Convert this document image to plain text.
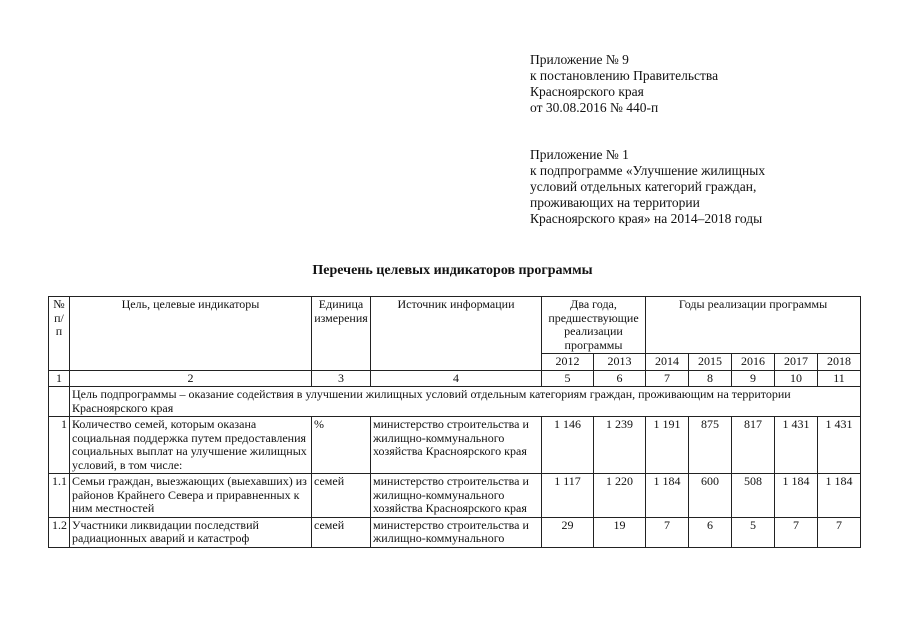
Приложение № 9
к постановлению Правительства
Красноярского края
от 30.08.2016 № 440-п
Приложение № 1
к подпрограмме «Улучшение жилищных
условий отдельных категорий граждан,
проживающих на территории
Красноярского края» на 2014–2018 годы
Перечень целевых индикаторов программы
№ п/п	Цель, целевые индикаторы	Единица измерения	Источник информации	Два года, предшествующие реализации программы		Годы реализации программы				
				2012	2013	2014	2015	2016	2017	2018
1	2	3	4	5	6	7	8	9	10	11
	Цель подпрограммы – оказание содействия в улучшении жилищных условий отдельным категориям граждан, проживающим на территории Красноярского края									
1	Количество семей, которым оказана социальная поддержка путем предоставления социальных выплат на улучшение жилищных условий, в том числе:	%	министерство строительства и жилищно-коммунального хозяйства Красноярского края	1 146	1 239	1 191	875	817	1 431	1 431
1.1	Семьи граждан, выезжающих (выехавших) из районов Крайнего Севера и приравненных к ним местностей	семей	министерство строительства и жилищно-коммунального хозяйства Красноярского края	1 117	1 220	1 184	600	508	1 184	1 184
1.2	Участники ликвидации последствий радиационных аварий и катастроф	семей	министерство строительства и жилищно-коммунального	29	19	7	6	5	7	7
